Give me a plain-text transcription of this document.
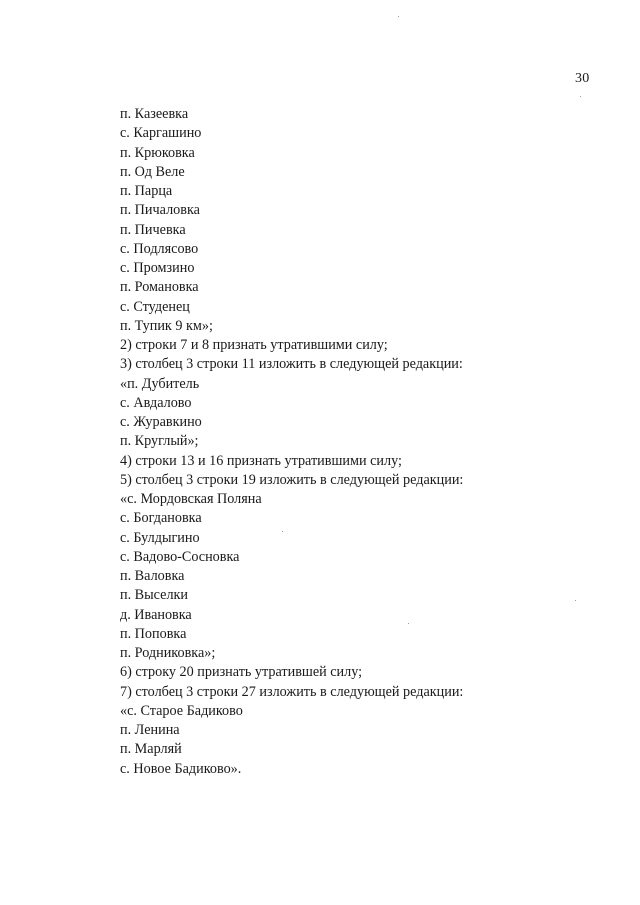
30
п. Казеевка
с. Каргашино
п. Крюковка
п. Од Веле
п. Парца
п. Пичаловка
п. Пичевка
с. Подлясово
с. Промзино
п. Романовка
с. Студенец
п. Тупик 9 км»;
2) строки 7 и 8 признать утратившими силу;
3) столбец 3 строки 11 изложить в следующей редакции:
«п. Дубитель
с. Авдалово
с. Журавкино
п. Круглый»;
4) строки 13 и 16 признать утратившими силу;
5) столбец 3 строки 19 изложить в следующей редакции:
«с. Мордовская Поляна
с. Богдановка
с. Булдыгино
с. Вадово-Сосновка
п. Валовка
п. Выселки
д. Ивановка
п. Поповка
п. Родниковка»;
6) строку 20 признать утратившей силу;
7) столбец 3 строки 27 изложить в следующей редакции:
«с. Старое Бадиково
п. Ленина
п. Марляй
с. Новое Бадиково».
